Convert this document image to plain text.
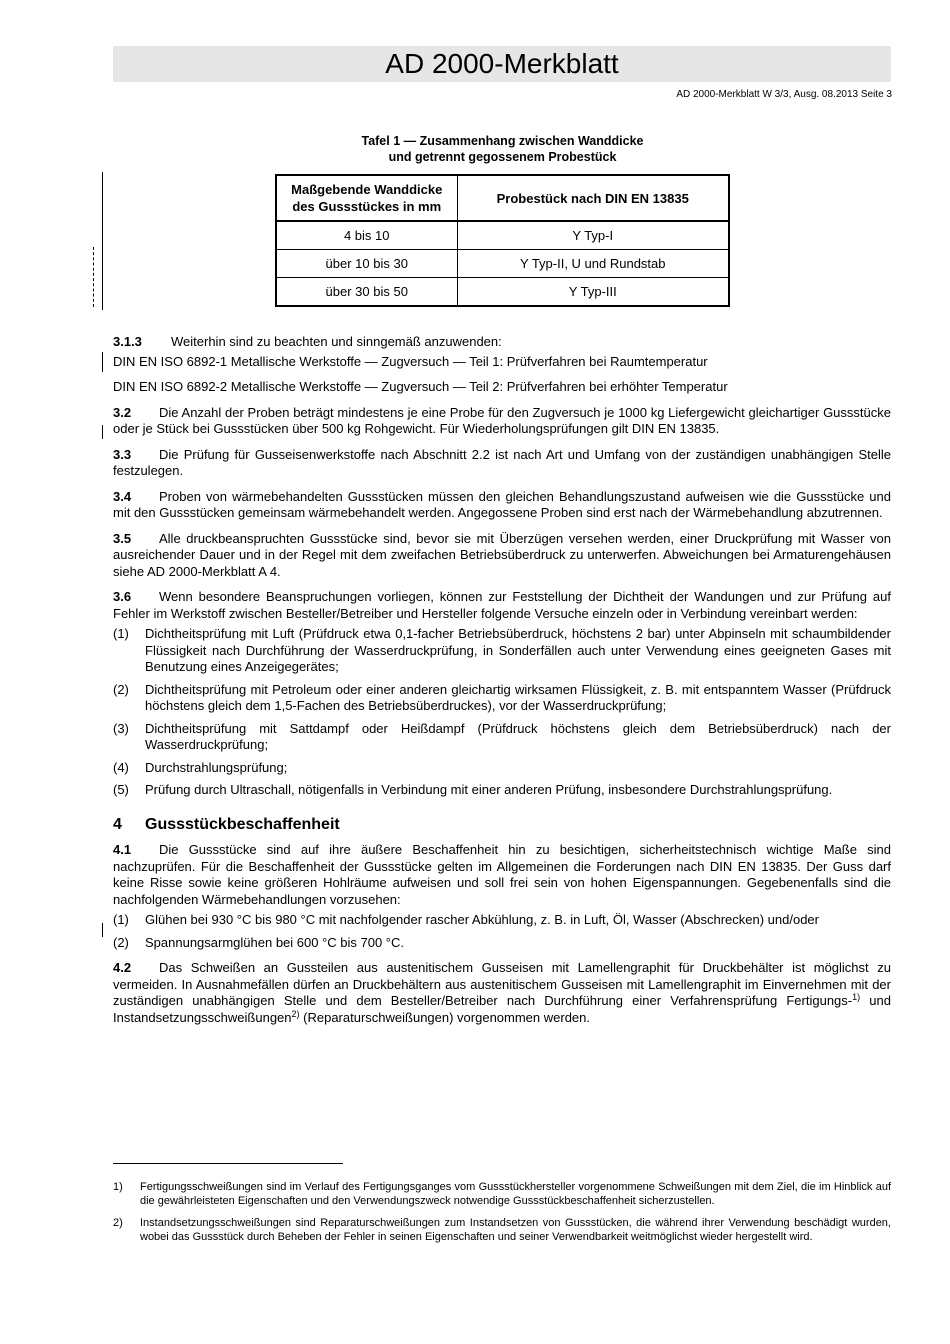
AD 2000-Merkblatt
AD 2000-Merkblatt W 3/3, Ausg. 08.2013 Seite 3
Tafel 1 — Zusammenhang zwischen Wanddicke
und getrennt gegossenem Probestück
Maßgebende Wanddicke
des Gussstückes in mm	Probestück nach DIN EN 13835
4 bis 10	Y Typ-I
über 10 bis 30	Y Typ-II, U und Rundstab
über 30 bis 50	Y Typ-III
3.1.3 Weiterhin sind zu beachten und sinngemäß anzuwenden:
DIN EN ISO 6892-1 Metallische Werkstoffe — Zugversuch — Teil 1: Prüfverfahren bei Raumtemperatur
DIN EN ISO 6892-2 Metallische Werkstoffe — Zugversuch — Teil 2: Prüfverfahren bei erhöhter Temperatur

3.2 Die Anzahl der Proben beträgt mindestens je eine Probe für den Zugversuch je 1000 kg Liefergewicht gleichartiger Gussstücke oder je Stück bei Gussstücken über 500 kg Rohgewicht. Für Wiederholungsprüfungen gilt DIN EN 13835.

3.3 Die Prüfung für Gusseisenwerkstoffe nach Abschnitt 2.2 ist nach Art und Umfang von der zuständigen unabhängigen Stelle festzulegen.

3.4 Proben von wärmebehandelten Gussstücken müssen den gleichen Behandlungszustand aufweisen wie die Gussstücke und mit den Gussstücken gemeinsam wärmebehandelt werden. Angegossene Proben sind erst nach der Wärmebehandlung abzutrennen.

3.5 Alle druckbeanspruchten Gussstücke sind, bevor sie mit Überzügen versehen werden, einer Druckprüfung mit Wasser von ausreichender Dauer und in der Regel mit dem zweifachen Betriebsüberdruck zu unterwerfen. Abweichungen bei Armaturengehäusen siehe AD 2000-Merkblatt A 4.

3.6 Wenn besondere Beanspruchungen vorliegen, können zur Feststellung der Dichtheit der Wandungen und zur Prüfung auf Fehler im Werkstoff zwischen Besteller/Betreiber und Hersteller folgende Versuche einzeln oder in Verbindung vereinbart werden:

(1)	Dichtheitsprüfung mit Luft (Prüfdruck etwa 0,1-facher Betriebsüberdruck, höchstens 2 bar) unter Abpinseln mit schaumbildender Flüssigkeit nach Durchführung der Wasserdruckprüfung, in Sonderfällen auch unter Verwendung eines geeigneten Gases mit Benutzung eines Anzeigegerätes;
(2)	Dichtheitsprüfung mit Petroleum oder einer anderen gleichartig wirksamen Flüssigkeit, z. B. mit entspanntem Wasser (Prüfdruck höchstens gleich dem 1,5-Fachen des Betriebsüberdruckes), vor der Wasserdruckprüfung;
(3)	Dichtheitsprüfung mit Sattdampf oder Heißdampf (Prüfdruck höchstens gleich dem Betriebsüberdruck) nach der Wasserdruckprüfung;
(4)	Durchstrahlungsprüfung;
(5)	Prüfung durch Ultraschall, nötigenfalls in Verbindung mit einer anderen Prüfung, insbesondere Durchstrahlungsprüfung.
4 Gussstückbeschaffenheit

4.1 Die Gussstücke sind auf ihre äußere Beschaffenheit hin zu besichtigen, sicherheitstechnisch wichtige Maße sind nachzuprüfen. Für die Beschaffenheit der Gussstücke gelten im Allgemeinen die Forderungen nach DIN EN 13835. Der Guss darf keine Risse sowie keine größeren Hohlräume aufweisen und soll frei sein von hohen Eigenspannungen. Gegebenenfalls sind die nachfolgenden Wärmebehandlungen vorzusehen:

(1)	Glühen bei 930 °C bis 980 °C mit nachfolgender rascher Abkühlung, z. B. in Luft, Öl, Wasser (Abschrecken) und/oder
(2)	Spannungsarmglühen bei 600 °C bis 700 °C.

4.2 Das Schweißen an Gussteilen aus austenitischem Gusseisen mit Lamellengraphit für Druckbehälter ist möglichst zu vermeiden. In Ausnahmefällen dürfen an Druckbehältern aus austenitischem Gusseisen mit Lamellengraphit im Einvernehmen mit der zuständigen unabhängigen Stelle und dem Besteller/Betreiber nach Durchführung einer Verfahrensprüfung Fertigungs-$^{1)}$ und Instandsetzungsschweißungen$^{2)}$ (Reparaturschweißungen) vorgenommen werden.

1)	Fertigungsschweißungen sind im Verlauf des Fertigungsganges vom Gussstückhersteller vorgenommene Schweißungen mit dem Ziel, die im Hinblick auf die gewährleisteten Eigenschaften und den Verwendungszweck notwendige Gussstückbeschaffenheit sicherzustellen.
2)	Instandsetzungsschweißungen sind Reparaturschweißungen zum Instandsetzen von Gussstücken, die während ihrer Verwendung beschädigt wurden, wobei das Gussstück durch Beheben der Fehler in seinen Eigenschaften und seiner Verwendbarkeit weitmöglichst wieder hergestellt wird.
